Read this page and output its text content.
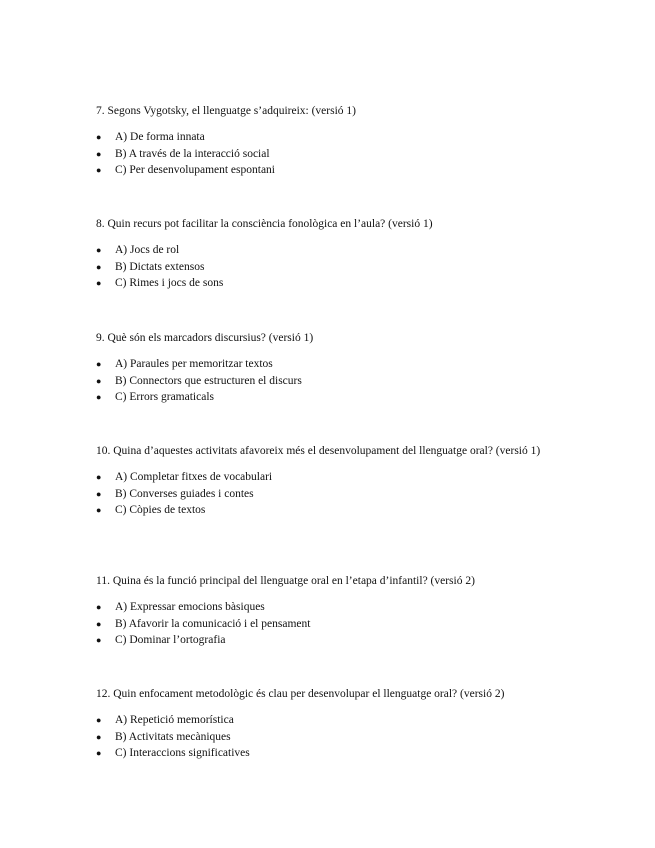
7. Segons Vygotsky, el llenguatge s’adquireix: (versió 1)

● A) De forma innata
● B) A través de la interacció social
● C) Per desenvolupament espontani

8. Quin recurs pot facilitar la consciència fonològica en l’aula? (versió 1)

● A) Jocs de rol
● B) Dictats extensos
● C) Rimes i jocs de sons

9. Què són els marcadors discursius? (versió 1)

● A) Paraules per memoritzar textos
● B) Connectors que estructuren el discurs
● C) Errors gramaticals

10. Quina d’aquestes activitats afavoreix més el desenvolupament del llenguatge oral? (versió 1)

● A) Completar fitxes de vocabulari
● B) Converses guiades i contes
● C) Còpies de textos

11. Quina és la funció principal del llenguatge oral en l’etapa d’infantil? (versió 2)

● A) Expressar emocions bàsiques
● B) Afavorir la comunicació i el pensament
● C) Dominar l’ortografia

12. Quin enfocament metodològic és clau per desenvolupar el llenguatge oral? (versió 2)

● A) Repetició memorística
● B) Activitats mecàniques
● C) Interaccions significatives
